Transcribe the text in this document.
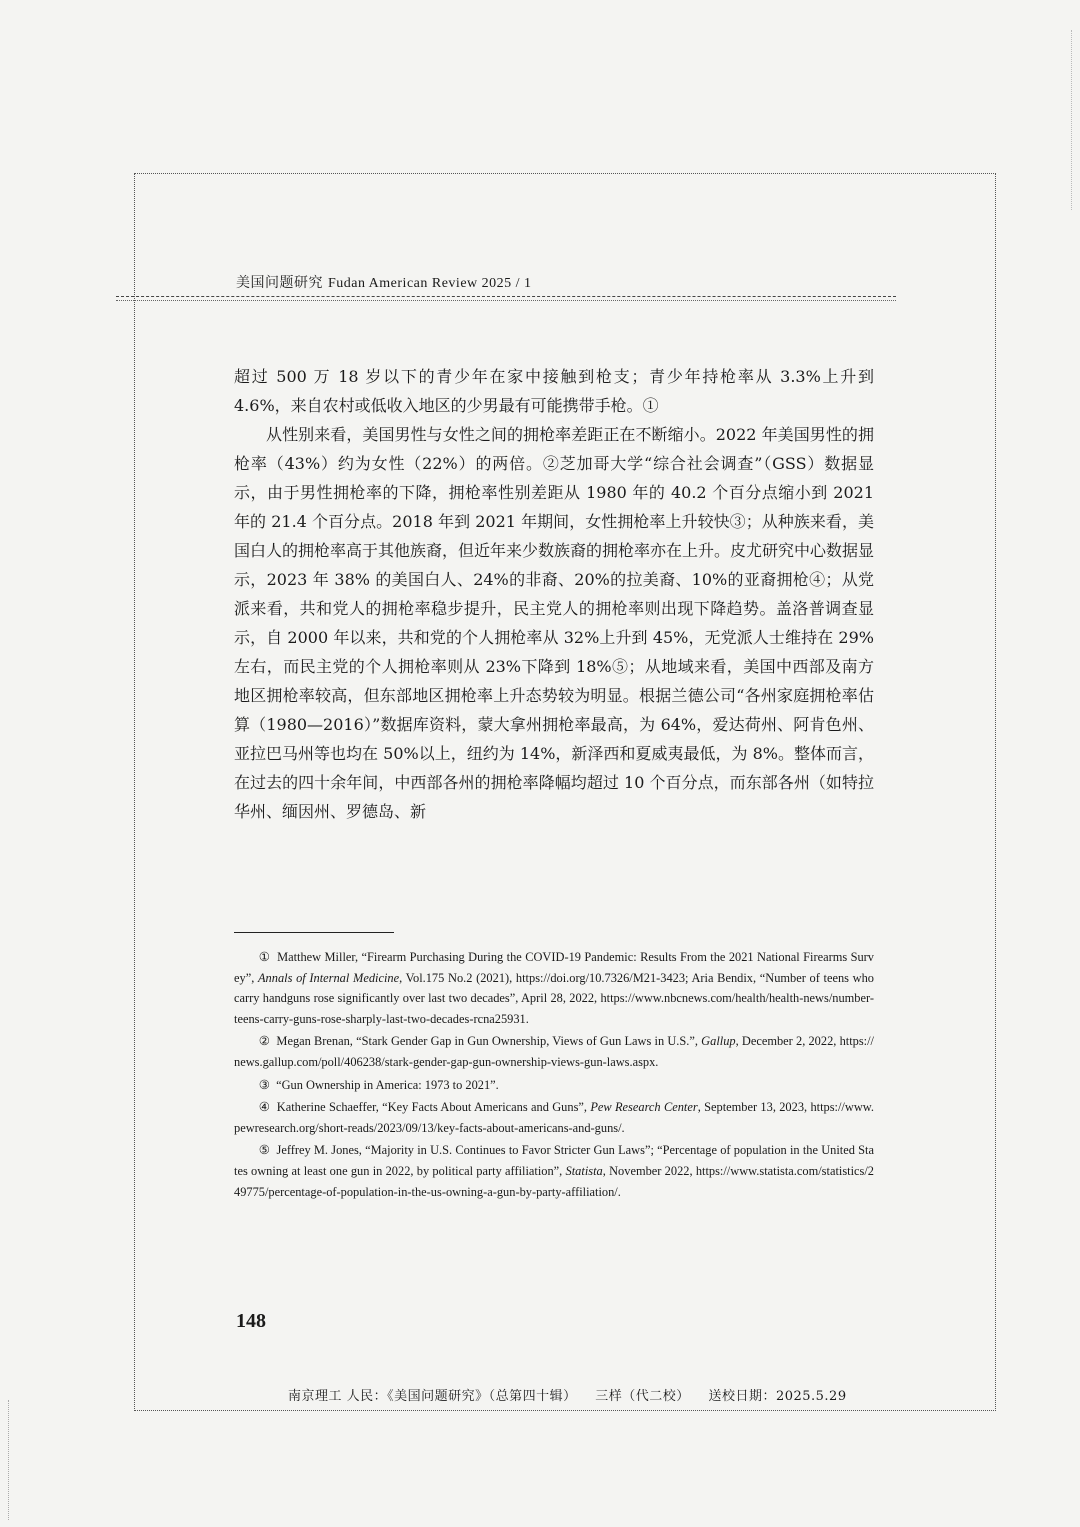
美国问题研究 Fudan American Review 2025 / 1

超过 500 万 18 岁以下的青少年在家中接触到枪支；青少年持枪率从 3.3%上升到 4.6%，来自农村或低收入地区的少男最有可能携带手枪。①

从性别来看，美国男性与女性之间的拥枪率差距正在不断缩小。2022 年美国男性的拥枪率（43%）约为女性（22%）的两倍。②芝加哥大学“综合社会调查”（GSS）数据显示，由于男性拥枪率的下降，拥枪率性别差距从 1980 年的 40.2 个百分点缩小到 2021 年的 21.4 个百分点。2018 年到 2021 年期间，女性拥枪率上升较快③；从种族来看，美国白人的拥枪率高于其他族裔，但近年来少数族裔的拥枪率亦在上升。皮尤研究中心数据显示，2023 年 38% 的美国白人、24%的非裔、20%的拉美裔、10%的亚裔拥枪④；从党派来看，共和党人的拥枪率稳步提升，民主党人的拥枪率则出现下降趋势。盖洛普调查显示，自 2000 年以来，共和党的个人拥枪率从 32%上升到 45%，无党派人士维持在 29%左右，而民主党的个人拥枪率则从 23%下降到 18%⑤；从地域来看，美国中西部及南方地区拥枪率较高，但东部地区拥枪率上升态势较为明显。根据兰德公司“各州家庭拥枪率估算（1980—2016）”数据库资料，蒙大拿州拥枪率最高，为 64%，爱达荷州、阿肯色州、亚拉巴马州等也均在 50%以上，纽约为 14%，新泽西和夏威夷最低，为 8%。整体而言，在过去的四十余年间，中西部各州的拥枪率降幅均超过 10 个百分点，而东部各州（如特拉华州、缅因州、罗德岛、新

① Matthew Miller, “Firearm Purchasing During the COVID-19 Pandemic: Results From the 2021 National Firearms Survey”, Annals of Internal Medicine, Vol.175 No.2 (2021), https://doi.org/10.7326/M21-3423; Aria Bendix, “Number of teens who carry handguns rose significantly over last two decades”, April 28, 2022, https://www.nbcnews.com/health/health-news/number-teens-carry-guns-rose-sharply-last-two-decades-rcna25931.

② Megan Brenan, “Stark Gender Gap in Gun Ownership, Views of Gun Laws in U.S.”, Gallup, December 2, 2022, https://news.gallup.com/poll/406238/stark-gender-gap-gun-ownership-views-gun-laws.aspx.

③ “Gun Ownership in America: 1973 to 2021”.

④ Katherine Schaeffer, “Key Facts About Americans and Guns”, Pew Research Center, September 13, 2023, https://www.pewresearch.org/short-reads/2023/09/13/key-facts-about-americans-and-guns/.

⑤ Jeffrey M. Jones, “Majority in U.S. Continues to Favor Stricter Gun Laws”; “Percentage of population in the United States owning at least one gun in 2022, by political party affiliation”, Statista, November 2022, https://www.statista.com/statistics/249775/percentage-of-population-in-the-us-owning-a-gun-by-party-affiliation/.

148
南京理工 人民：《美国问题研究》（总第四十辑） 三样（代二校） 送校日期：2025.5.29
